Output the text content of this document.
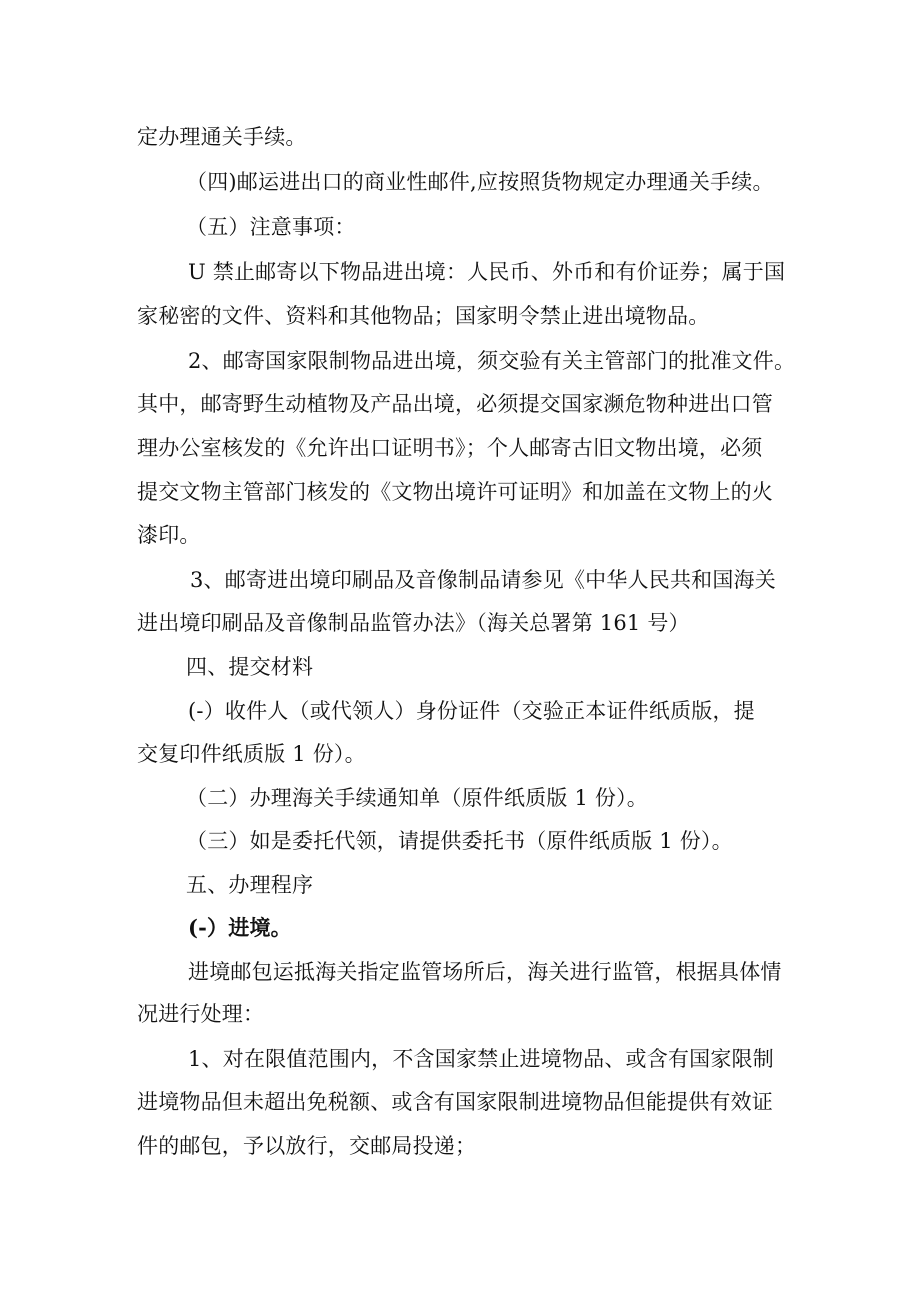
定办理通关手续。
（四)邮运进出口的商业性邮件,应按照货物规定办理通关手续。
（五）注意事项：
U 禁止邮寄以下物品进出境：人民币、外币和有价证券；属于国
家秘密的文件、资料和其他物品；国家明令禁止进出境物品。
2、邮寄国家限制物品进出境，须交验有关主管部门的批准文件。
其中，邮寄野生动植物及产品出境，必须提交国家濒危物种进出口管
理办公室核发的《允许出口证明书》；个人邮寄古旧文物出境，必须
提交文物主管部门核发的《文物出境许可证明》和加盖在文物上的火
漆印。
3、邮寄进出境印刷品及音像制品请参见《中华人民共和国海关
进出境印刷品及音像制品监管办法》（海关总署第 161 号）
四、提交材料
(-）收件人（或代领人）身份证件（交验正本证件纸质版，提
交复印件纸质版 1 份）。
（二）办理海关手续通知单（原件纸质版 1 份）。
（三）如是委托代领，请提供委托书（原件纸质版 1 份）。
五、办理程序
(-）进境。
进境邮包运抵海关指定监管场所后，海关进行监管，根据具体情
况进行处理：
1、对在限值范围内，不含国家禁止进境物品、或含有国家限制
进境物品但未超出免税额、或含有国家限制进境物品但能提供有效证
件的邮包，予以放行，交邮局投递；
